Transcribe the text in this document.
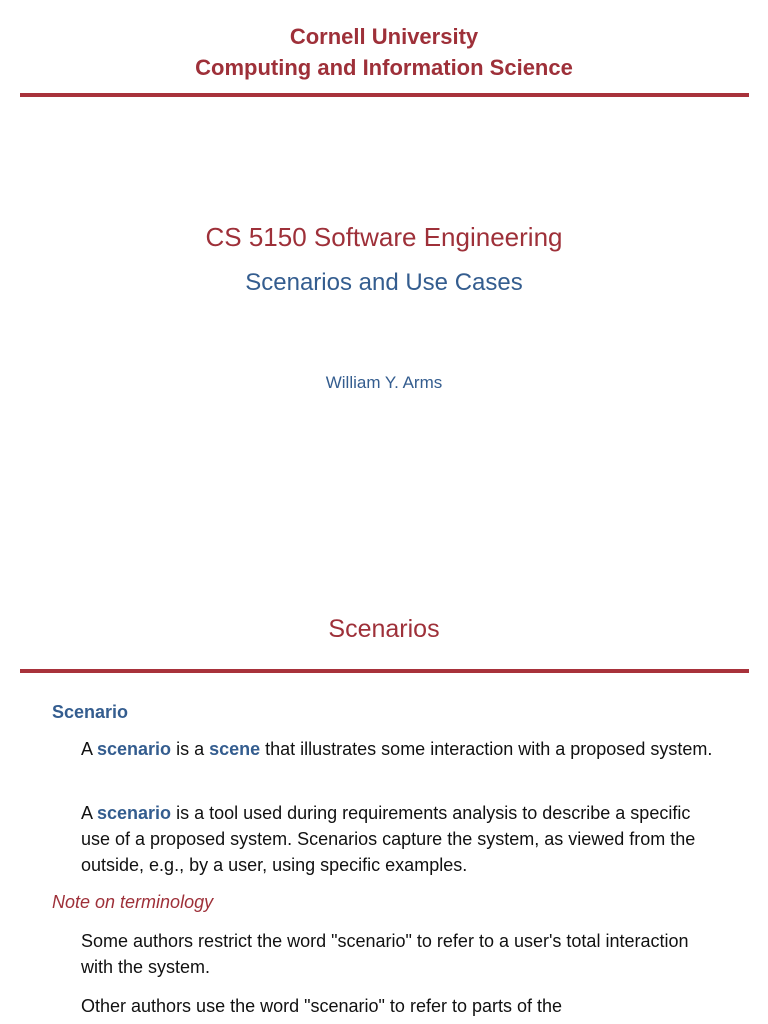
Cornell University
Computing and Information Science
CS 5150 Software Engineering
Scenarios and Use Cases
William Y. Arms
Scenarios
Scenario
A scenario is a scene that illustrates some interaction with a proposed system.
A scenario is a tool used during requirements analysis to describe a specific use of a proposed system. Scenarios capture the system, as viewed from the outside, e.g., by a user, using specific examples.
Note on terminology
Some authors restrict the word "scenario" to refer to a user's total interaction with the system.
Other authors use the word "scenario" to refer to parts of the
